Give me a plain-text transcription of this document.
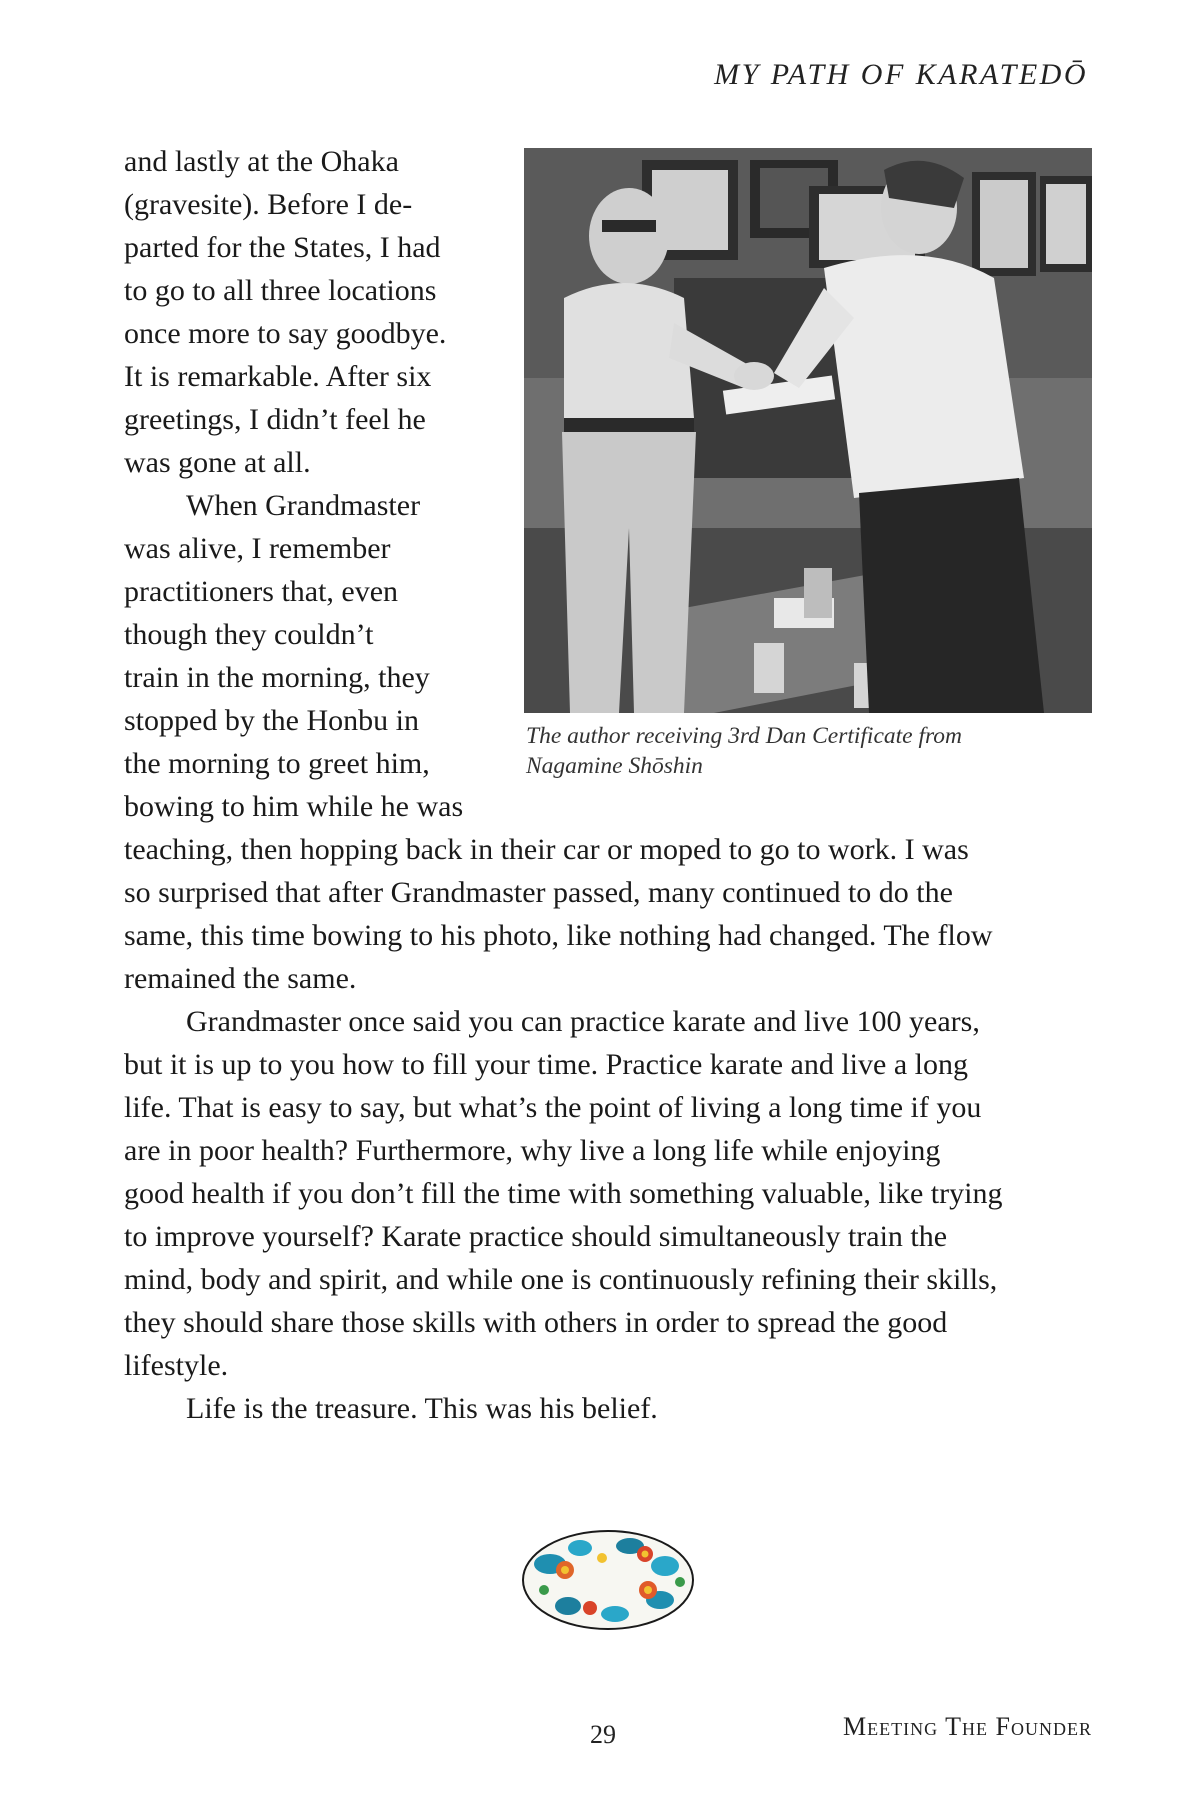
MY PATH OF KARATEDŌ
and lastly at the Ohaka
(gravesite). Before I de-
parted for the States, I had
to go to all three locations
once more to say goodbye.
It is remarkable. After six
greetings, I didn’t feel he
was gone at all.
When Grandmaster
was alive, I remember
practitioners that, even
though they couldn’t
train in the morning, they
stopped by the Honbu in
the morning to greet him,
bowing to him while he was
The author receiving 3rd Dan Certificate from
Nagamine Shōshin
teaching, then hopping back in their car or moped to go to work. I was
so surprised that after Grandmaster passed, many continued to do the
same, this time bowing to his photo, like nothing had changed. The flow
remained the same.
Grandmaster once said you can practice karate and live 100 years,
but it is up to you how to fill your time. Practice karate and live a long
life. That is easy to say, but what’s the point of living a long time if you
are in poor health? Furthermore, why live a long life while enjoying
good health if you don’t fill the time with something valuable, like trying
to improve yourself? Karate practice should simultaneously train the
mind, body and spirit, and while one is continuously refining their skills,
they should share those skills with others in order to spread the good
lifestyle.
Life is the treasure. This was his belief.
29	Meeting The Founder
